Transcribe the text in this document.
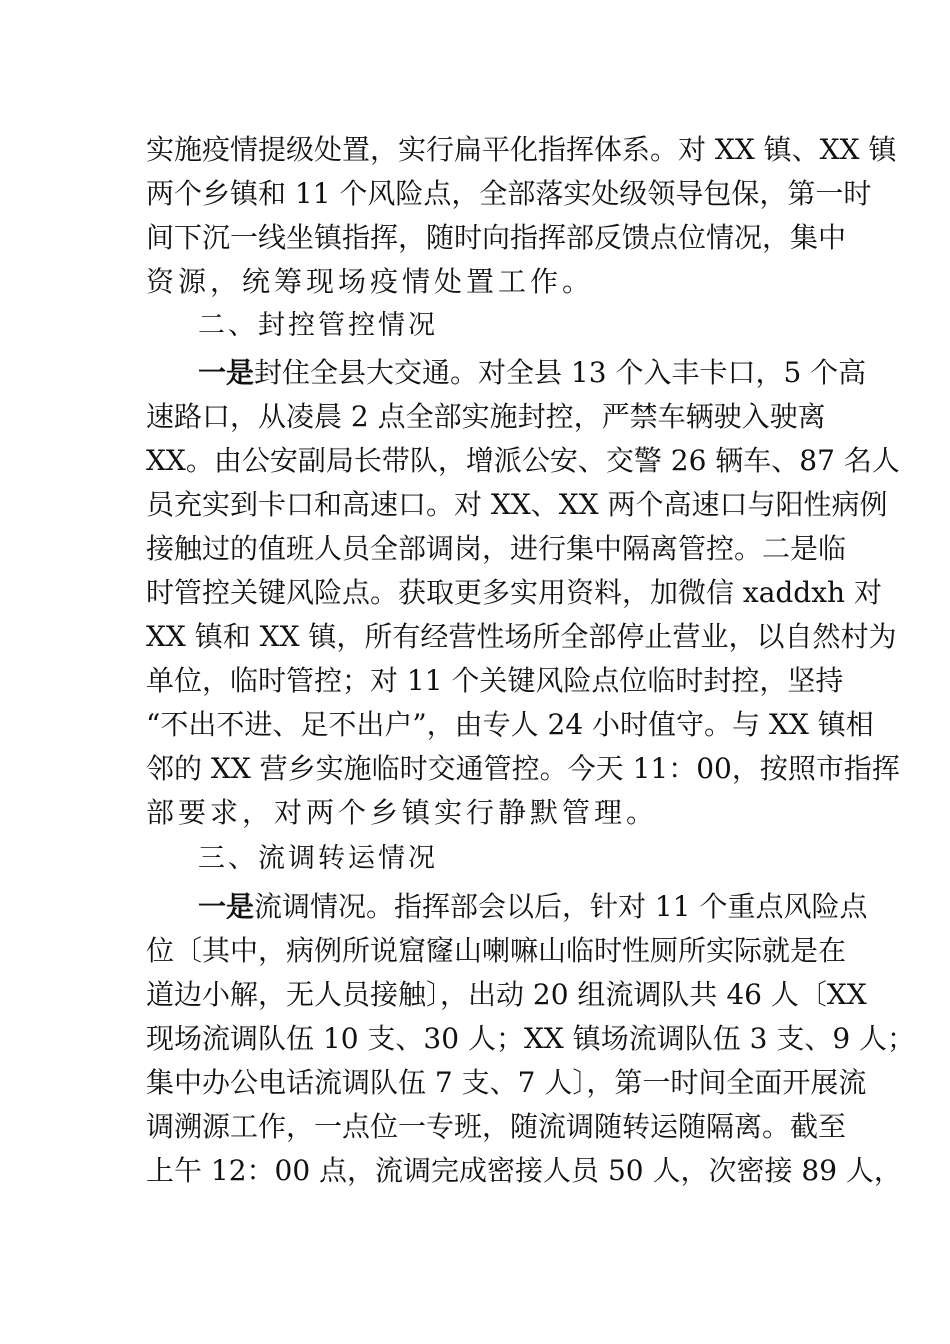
实施疫情提级处置，实行扁平化指挥体系。对 XX 镇、XX 镇
两个乡镇和 11 个风险点，全部落实处级领导包保，第一时
间下沉一线坐镇指挥，随时向指挥部反馈点位情况，集中
资源，统筹现场疫情处置工作。
二、封控管控情况
一是封住全县大交通。对全县 13 个入丰卡口，5 个高
速路口，从凌晨 2 点全部实施封控，严禁车辆驶入驶离
XX。由公安副局长带队，增派公安、交警 26 辆车、87 名人
员充实到卡口和高速口。对 XX、XX 两个高速口与阳性病例
接触过的值班人员全部调岗，进行集中隔离管控。二是临
时管控关键风险点。获取更多实用资料，加微信 xaddxh 对
XX 镇和 XX 镇，所有经营性场所全部停止营业，以自然村为
单位，临时管控；对 11 个关键风险点位临时封控，坚持
“不出不进、足不出户”，由专人 24 小时值守。与 XX 镇相
邻的 XX 营乡实施临时交通管控。今天 11：00，按照市指挥
部要求，对两个乡镇实行静默管理。
三、流调转运情况
一是流调情况。指挥部会以后，针对 11 个重点风险点
位〔其中，病例所说窟窿山喇嘛山临时性厕所实际就是在
道边小解，无人员接触〕，出动 20 组流调队共 46 人〔XX
现场流调队伍 10 支、30 人；XX 镇场流调队伍 3 支、9 人；
集中办公电话流调队伍 7 支、7 人〕，第一时间全面开展流
调溯源工作，一点位一专班，随流调随转运随隔离。截至
上午 12：00 点，流调完成密接人员 50 人，次密接 89 人，
